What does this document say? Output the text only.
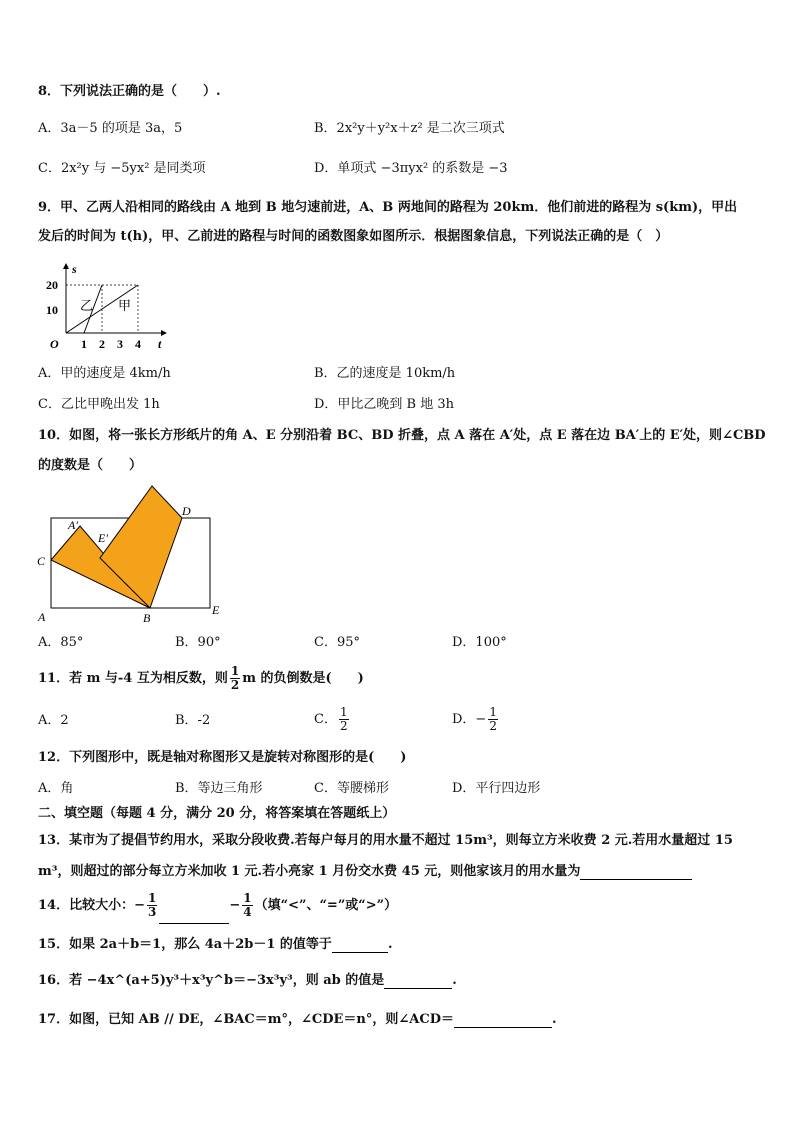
8．下列说法正确的是（　　）.
A．3a－5 的项是 3a，5	B．2x²y＋y²x＋z² 是二次三项式
C．2x²y 与 −5yx² 是同类项	D．单项式 −3πyx² 的系数是 −3
9．甲、乙两人沿相同的路线由 A 地到 B 地匀速前进，A、B 两地间的路程为 20km．他们前进的路程为 s(km)，甲出
发后的时间为 t(h)，甲、乙前进的路程与时间的函数图象如图所示．根据图象信息，下列说法正确的是（　）
s
t
O
20
10
1 2 3 4
乙 甲
A．甲的速度是 4km/h	B．乙的速度是 10km/h
C．乙比甲晚出发 1h	D．甲比乙晚到 B 地 3h
10．如图，将一张长方形纸片的角 A、E 分别沿着 BC、BD 折叠，点 A 落在 A′处，点 E 落在边 BA′上的 E′处，则∠CBD
的度数是（　　）
A	B
C
D
E
A′
E′
A．85°	B．90°	C．95°	D．100°
11．若 m 与-4 互为相反数，则 $\frac{1}{2}$ m 的负倒数是(　　)
A．2	B．-2	C． $\frac{1}{2}$	D．− $\frac{1}{2}$
12．下列图形中，既是轴对称图形又是旋转对称图形的是(　　)
A．角	B．等边三角形	C．等腰梯形	D．平行四边形
二、填空题（每题 4 分，满分 20 分，将答案填在答题纸上）
13．某市为了提倡节约用水，采取分段收费.若每户每月的用水量不超过 15m³，则每立方米收费 2 元.若用水量超过 15
m³，则超过的部分每立方米加收 1 元.若小亮家 1 月份交水费 45 元，则他家该月的用水量为
14．比较大小：− $\frac{1}{3}$	− $\frac{1}{4}$ （填“<”、“=”或“>”）
15．如果 2a＋b＝1，那么 4a＋2b－1 的值等于	.
16．若 −4x^(a+5)y³＋x³y^b＝−3x³y³，则 ab 的值是	.
17．如图，已知 AB // DE，∠BAC＝m°，∠CDE＝n°，则∠ACD＝	.
